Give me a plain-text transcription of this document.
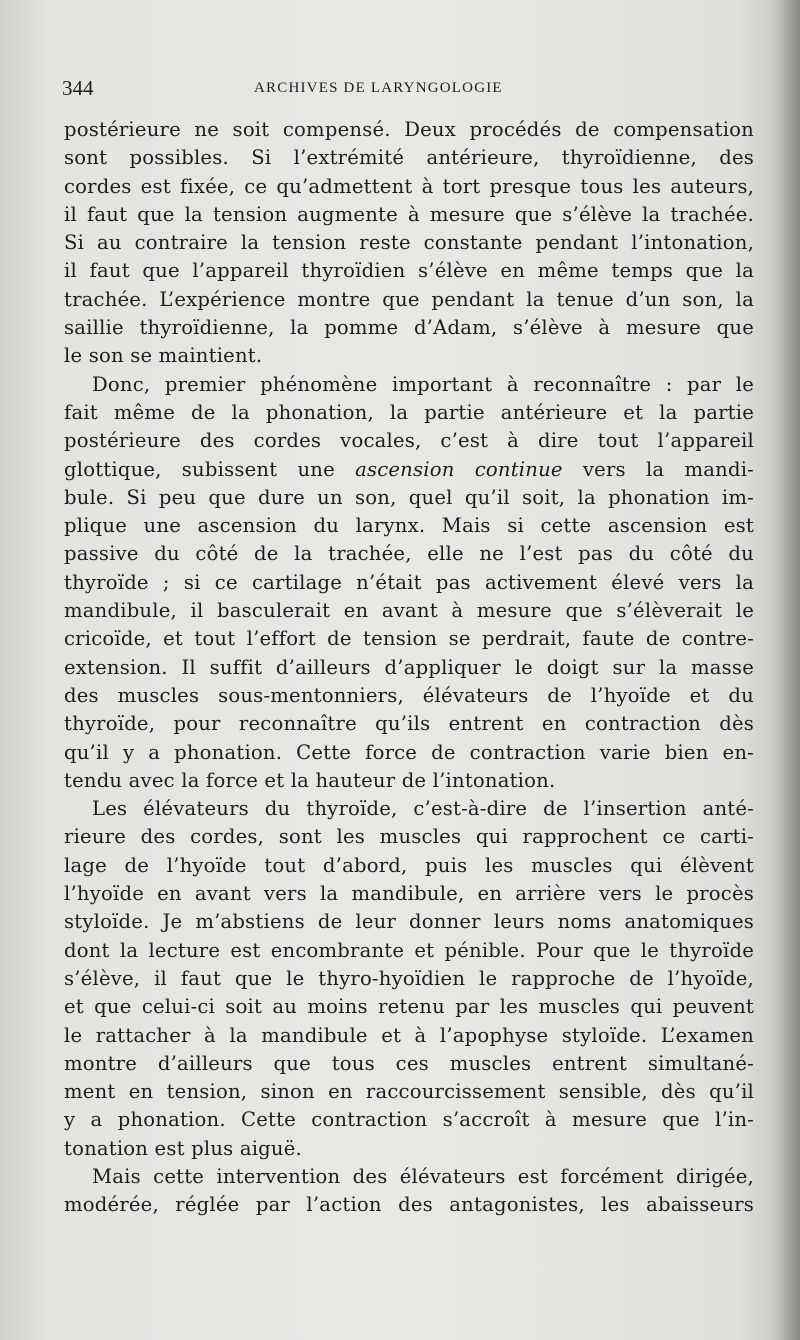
344	ARCHIVES DE LARYNGOLOGIE
postérieure ne soit compensé. Deux procédés de compensation
sont possibles. Si l’extrémité antérieure, thyroïdienne, des
cordes est fixée, ce qu’admettent à tort presque tous les auteurs,
il faut que la tension augmente à mesure que s’élève la trachée.
Si au contraire la tension reste constante pendant l’intonation,
il faut que l’appareil thyroïdien s’élève en même temps que la
trachée. L’expérience montre que pendant la tenue d’un son, la
saillie thyroïdienne, la pomme d’Adam, s’élève à mesure que
le son se maintient.
Donc, premier phénomène important à reconnaître : par le
fait même de la phonation, la partie antérieure et la partie
postérieure des cordes vocales, c’est à dire tout l’appareil
glottique, subissent une ascension continue vers la mandi-
bule. Si peu que dure un son, quel qu’il soit, la phonation im-
plique une ascension du larynx. Mais si cette ascension est
passive du côté de la trachée, elle ne l’est pas du côté du
thyroïde ; si ce cartilage n’était pas activement élevé vers la
mandibule, il basculerait en avant à mesure que s’élèverait le
cricoïde, et tout l’effort de tension se perdrait, faute de contre-
extension. Il suffit d’ailleurs d’appliquer le doigt sur la masse
des muscles sous-mentonniers, élévateurs de l’hyoïde et du
thyroïde, pour reconnaître qu’ils entrent en contraction dès
qu’il y a phonation. Cette force de contraction varie bien en-
tendu avec la force et la hauteur de l’intonation.
Les élévateurs du thyroïde, c’est-à-dire de l’insertion anté-
rieure des cordes, sont les muscles qui rapprochent ce carti-
lage de l’hyoïde tout d’abord, puis les muscles qui élèvent
l’hyoïde en avant vers la mandibule, en arrière vers le procès
styloïde. Je m’abstiens de leur donner leurs noms anatomiques
dont la lecture est encombrante et pénible. Pour que le thyroïde
s’élève, il faut que le thyro-hyoïdien le rapproche de l’hyoïde,
et que celui-ci soit au moins retenu par les muscles qui peuvent
le rattacher à la mandibule et à l’apophyse styloïde. L’examen
montre d’ailleurs que tous ces muscles entrent simultané-
ment en tension, sinon en raccourcissement sensible, dès qu’il
y a phonation. Cette contraction s’accroît à mesure que l’in-
tonation est plus aiguë.
Mais cette intervention des élévateurs est forcément dirigée,
modérée, réglée par l’action des antagonistes, les abaisseurs
